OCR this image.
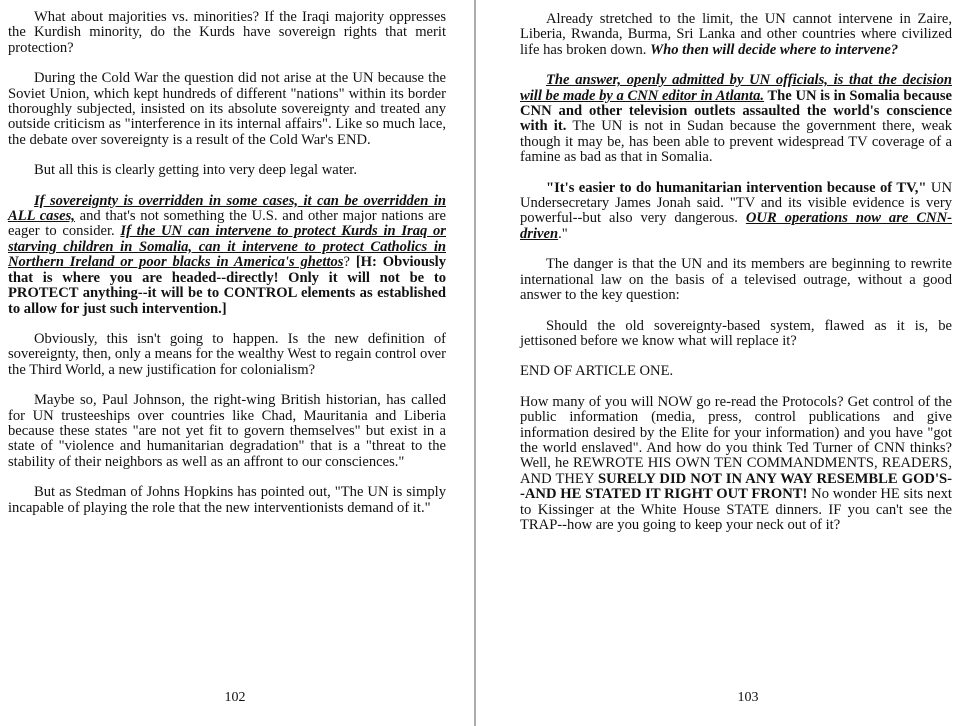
What about majorities vs. minorities? If the Iraqi majority oppresses the Kurdish minority, do the Kurds have sovereign rights that merit protection?

During the Cold War the question did not arise at the UN because the Soviet Union, which kept hundreds of different "nations" within its border thoroughly subjected, insisted on its absolute sovereignty and treated any outside criticism as "interference in its internal affairs". Like so much lace, the debate over sovereignty is a result of the Cold War's END.

But all this is clearly getting into very deep legal water.

If sovereignty is overridden in some cases, it can be overridden in ALL cases, and that's not something the U.S. and other major nations are eager to consider. If the UN can intervene to protect Kurds in Iraq or starving children in Somalia, can it intervene to protect Catholics in Northern Ireland or poor blacks in America's ghettos? [H: Obviously that is where you are headed--directly! Only it will not be to PROTECT anything--it will be to CONTROL elements as established to allow for just such intervention.]

Obviously, this isn't going to happen. Is the new definition of sovereignty, then, only a means for the wealthy West to regain control over the Third World, a new justification for colonialism?

Maybe so, Paul Johnson, the right-wing British historian, has called for UN trusteeships over countries like Chad, Mauritania and Liberia because these states "are not yet fit to govern themselves" but exist in a state of "violence and humanitarian degradation" that is a "threat to the stability of their neighbors as well as an affront to our consciences."

But as Stedman of Johns Hopkins has pointed out, "The UN is simply incapable of playing the role that the new interventionists demand of it."

102

Already stretched to the limit, the UN cannot intervene in Zaire, Liberia, Rwanda, Burma, Sri Lanka and other countries where civilized life has broken down. Who then will decide where to intervene?

The answer, openly admitted by UN officials, is that the decision will be made by a CNN editor in Atlanta. The UN is in Somalia because CNN and other television outlets assaulted the world's conscience with it. The UN is not in Sudan because the government there, weak though it may be, has been able to prevent widespread TV coverage of a famine as bad as that in Somalia.

"It's easier to do humanitarian intervention because of TV," UN Undersecretary James Jonah said. "TV and its visible evidence is very powerful--but also very dangerous. OUR operations now are CNN-driven."

The danger is that the UN and its members are beginning to rewrite international law on the basis of a televised outrage, without a good answer to the key question:

Should the old sovereignty-based system, flawed as it is, be jettisoned before we know what will replace it?

END OF ARTICLE ONE.

How many of you will NOW go re-read the Protocols? Get control of the public information (media, press, control publications and give information desired by the Elite for your information) and you have "got the world enslaved". And how do you think Ted Turner of CNN thinks? Well, he REWROTE HIS OWN TEN COMMANDMENTS, READERS, AND THEY SURELY DID NOT IN ANY WAY RESEMBLE GOD'S--AND HE STATED IT RIGHT OUT FRONT! No wonder HE sits next to Kissinger at the White House STATE dinners. IF you can't see the TRAP--how are you going to keep your neck out of it?

103
